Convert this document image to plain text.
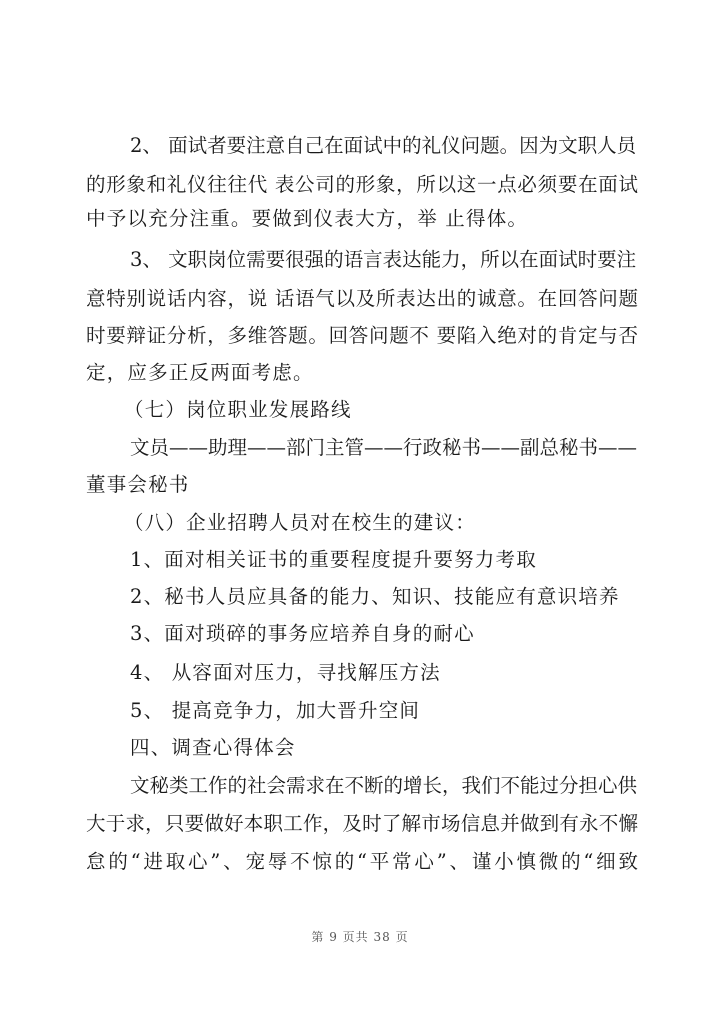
2、 面试者要注意自己在面试中的礼仪问题。因为文职人员

的形象和礼仪往往代 表公司的形象，所以这一点必须要在面试

中予以充分注重。要做到仪表大方，举 止得体。

3、 文职岗位需要很强的语言表达能力，所以在面试时要注

意特别说话内容，说 话语气以及所表达出的诚意。在回答问题

时要辩证分析，多维答题。回答问题不 要陷入绝对的肯定与否

定，应多正反两面考虑。

（七）岗位职业发展路线

文员——助理——部门主管——行政秘书——副总秘书——

董事会秘书

（八）企业招聘人员对在校生的建议：

1、面对相关证书的重要程度提升要努力考取

2、秘书人员应具备的能力、知识、技能应有意识培养

3、面对琐碎的事务应培养自身的耐心

4、 从容面对压力，寻找解压方法

5、 提高竞争力，加大晋升空间

四、调查心得体会

文秘类工作的社会需求在不断的增长，我们不能过分担心供

大于求，只要做好本职工作，及时了解市场信息并做到有永不懈

怠的“进取心”、宠辱不惊的“平常心”、谨小慎微的“细致

第 9 页共 38 页
